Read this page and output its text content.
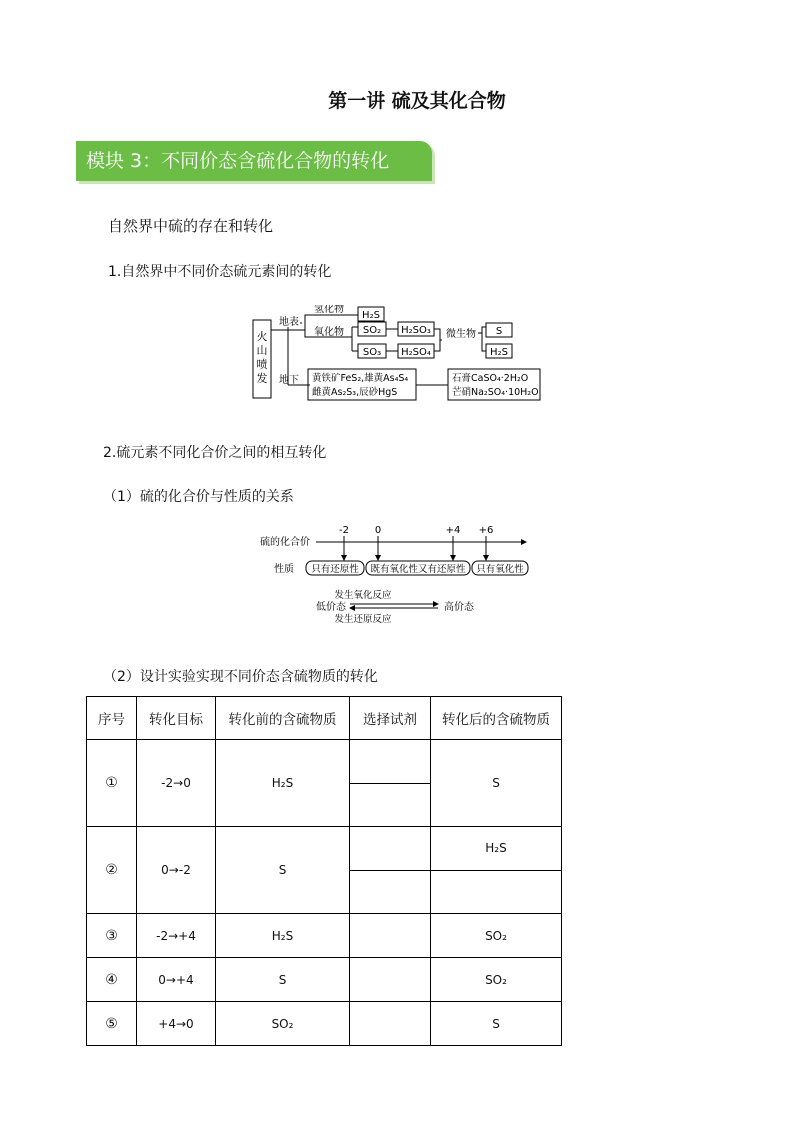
第一讲 硫及其化合物
模块 3：不同价态含硫化合物的转化
自然界中硫的存在和转化
1.自然界中不同价态硫元素间的转化
火
山
喷
发
地表
地下
氢化物
氧化物
H₂S
SO₂
SO₃
H₂SO₃
H₂SO₄
微生物 S
H₂S
黄铁矿FeS₂,雄黄As₄S₄
雌黄As₂S₃,辰砂HgS
石膏CaSO₄·2H₂O
芒硝Na₂SO₄·10H₂O
2.硫元素不同化合价之间的相互转化
（1）硫的化合价与性质的关系
硫的化合价
-2	0	+4 +6
性质 只有还原性 既有氧化性又有还原性 只有氧化性
发生氧化反应
低价态	高价态
发生还原反应
（2）设计实验实现不同价态含硫物质的转化
序号	转化目标	转化前的含硫物质	选择试剂	转化后的含硫物质
①	-2→0	H₂S		S

②	0→-2	S		H₂S

③	-2→+4	H₂S		SO₂
④	0→+4	S		SO₂
⑤	+4→0	SO₂		S
